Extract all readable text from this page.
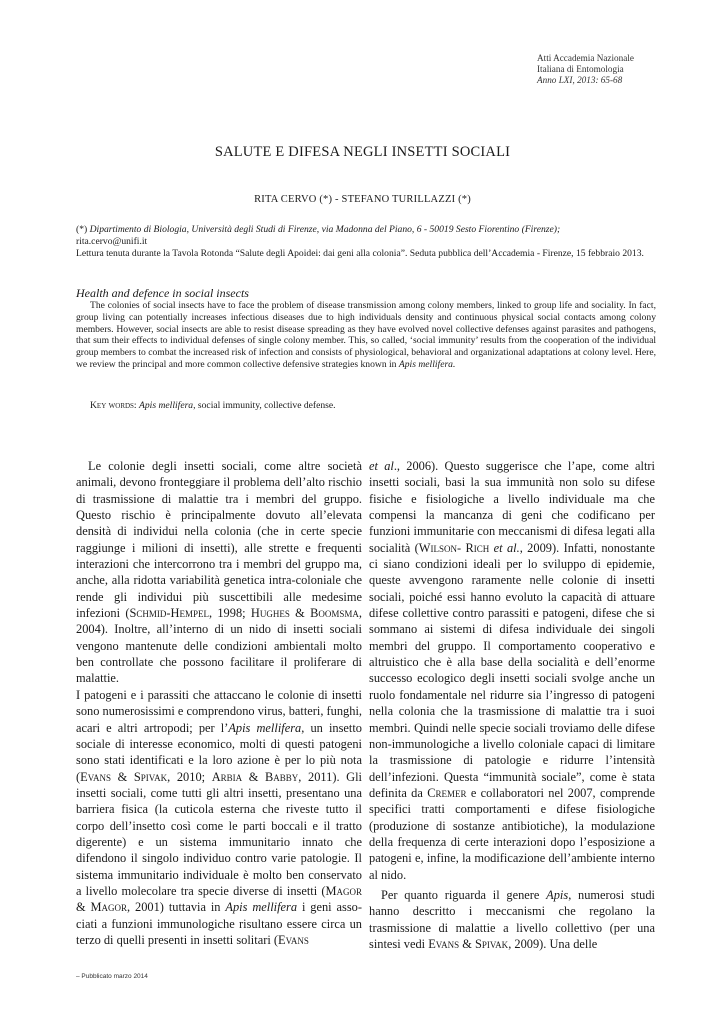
Atti Accademia Nazionale
Italiana di Entomologia
Anno LXI, 2013: 65-68
SALUTE E DIFESA NEGLI INSETTI SOCIALI
RITA CERVO (*) - STEFANO TURILLAZZI (*)
(*) Dipartimento di Biologia, Università degli Studi di Firenze, via Madonna del Piano, 6 - 50019 Sesto Fiorentino (Firenze);
rita.cervo@unifi.it
Lettura tenuta durante la Tavola Rotonda “Salute degli Apoidei: dai geni alla colonia”. Seduta pubblica dell’Accademia - Firenze, 15 febbraio 2013.
Health and defence in social insects
The colonies of social insects have to face the problem of disease transmission among colony members, linked to group life and sociality. In fact, group living can potentially increases infectious diseases due to high individuals density and continuous physical social contacts among colony members. However, social insects are able to resist disease spreading as they have evolved novel collective defenses against parasites and pathogens, that sum their effects to individual defenses of single colony member. This, so called, ‘social immunity’ results from the cooperation of the individual group members to combat the increased risk of infection and consists of physiological, behavioral and organizational adaptations at colony level. Here, we review the principal and more common collective defensive strategies known in Apis mellifera.
Key words: Apis mellifera, social immunity, collective defense.

Le colonie degli insetti sociali, come altre società animali, devono fronteggiare il problema dell’alto rischio di trasmissione di malattie tra i membri del gruppo. Questo rischio è principalmente dovuto all’elevata densità di individui nella colonia (che in certe specie raggiunge i milioni di insetti), alle strette e frequenti interazioni che intercorrono tra i membri del gruppo ma, anche, alla ridotta variabilità genetica intra-coloniale che rende gli individui più suscettibili alle medesime infezioni (Schmid-Hempel, 1998; Hughes & Boomsma, 2004). Inoltre, all’interno di un nido di insetti sociali vengono mantenute delle condizioni ambientali molto ben controllate che possono facilitare il proliferare di malattie.

I patogeni e i parassiti che attaccano le colonie di insetti sono numerosissimi e comprendono virus, batteri, funghi, acari e altri artropodi; per l’Apis mellifera, un insetto sociale di interesse economico, molti di questi patogeni sono stati identificati e la loro azione è per lo più nota (Evans & Spivak, 2010; Arbia & Babby, 2011). Gli insetti sociali, come tutti gli altri insetti, presentano una barriera fisica (la cuticola esterna che riveste tutto il corpo dell’insetto così come le parti boccali e il tratto digerente) e un sistema immunitario innato che difendono il singolo individuo contro varie patologie. Il sistema immunitario individuale è molto ben conservato a livello molecolare tra specie diverse di insetti (Magor & Magor, 2001) tuttavia in Apis mellifera i geni associati a funzioni immunologiche risultano essere circa un terzo di quelli presenti in insetti solitari (Evans

et al., 2006). Questo suggerisce che l’ape, come altri insetti sociali, basi la sua immunità non solo su difese fisiche e fisiologiche a livello individuale ma che compensi la mancanza di geni che codificano per funzioni immunitarie con meccanismi di difesa legati alla socialità (Wilson- Rich et al., 2009). Infatti, nonostante ci siano condizioni ideali per lo sviluppo di epidemie, queste avvengono raramente nelle colonie di insetti sociali, poiché essi hanno evoluto la capacità di attuare difese collettive contro parassiti e patogeni, difese che si sommano ai sistemi di difesa individuale dei singoli membri del gruppo. Il comportamento cooperativo e altruistico che è alla base della socialità e dell’enorme successo ecologico degli insetti sociali svolge anche un ruolo fondamentale nel ridurre sia l’ingresso di patogeni nella colonia che la trasmissione di malattie tra i suoi membri. Quindi nelle specie sociali troviamo delle difese non-immunologiche a livello coloniale capaci di limitare la trasmissione di patologie e ridurre l’intensità dell’infezioni. Questa “immunità sociale”, come è stata definita da Cremer e collaboratori nel 2007, comprende specifici tratti comportamenti e difese fisiologiche (produzione di sostanze antibiotiche), la modulazione della frequenza di certe interazioni dopo l’esposizione a patogeni e, infine, la modificazione dell’ambiente interno al nido.

Per quanto riguarda il genere Apis, numerosi studi hanno descritto i meccanismi che regolano la trasmissione di malattie a livello collettivo (per una sintesi vedi Evans & Spivak, 2009). Una delle

– Pubblicato marzo 2014
